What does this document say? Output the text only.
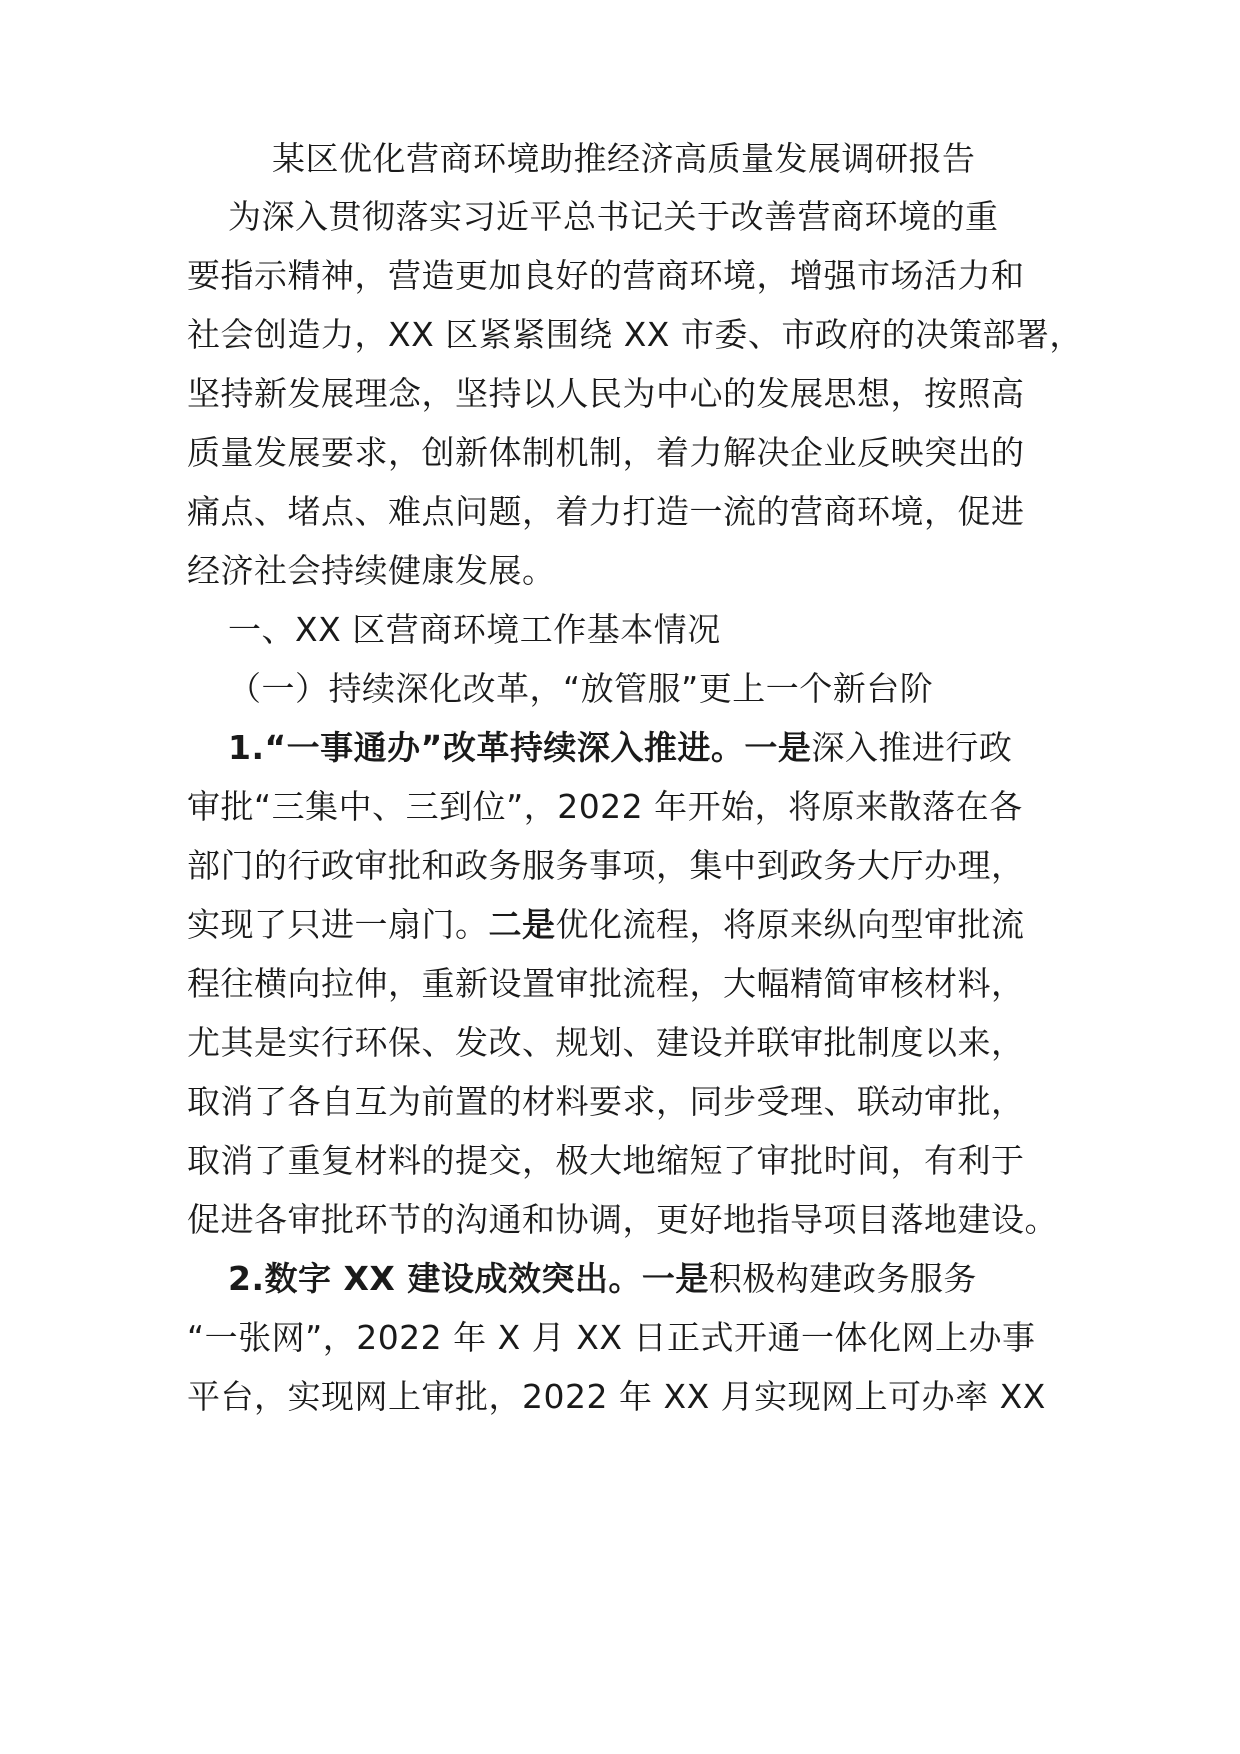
某区优化营商环境助推经济高质量发展调研报告
为深入贯彻落实习近平总书记关于改善营商环境的重
要指示精神，营造更加良好的营商环境，增强市场活力和
社会创造力，XX 区紧紧围绕 XX 市委、市政府的决策部署，
坚持新发展理念，坚持以人民为中心的发展思想，按照高
质量发展要求，创新体制机制，着力解决企业反映突出的
痛点、堵点、难点问题，着力打造一流的营商环境，促进
经济社会持续健康发展。
一、XX 区营商环境工作基本情况
（一）持续深化改革，“放管服”更上一个新台阶
1.“一事通办”改革持续深入推进。一是深入推进行政
审批“三集中、三到位”，2022 年开始，将原来散落在各
部门的行政审批和政务服务事项，集中到政务大厅办理，
实现了只进一扇门。二是优化流程，将原来纵向型审批流
程往横向拉伸，重新设置审批流程，大幅精简审核材料，
尤其是实行环保、发改、规划、建设并联审批制度以来，
取消了各自互为前置的材料要求，同步受理、联动审批，
取消了重复材料的提交，极大地缩短了审批时间，有利于
促进各审批环节的沟通和协调，更好地指导项目落地建设。
2.数字 XX 建设成效突出。一是积极构建政务服务
“一张网”，2022 年 X 月 XX 日正式开通一体化网上办事
平台，实现网上审批，2022 年 XX 月实现网上可办率 XX
